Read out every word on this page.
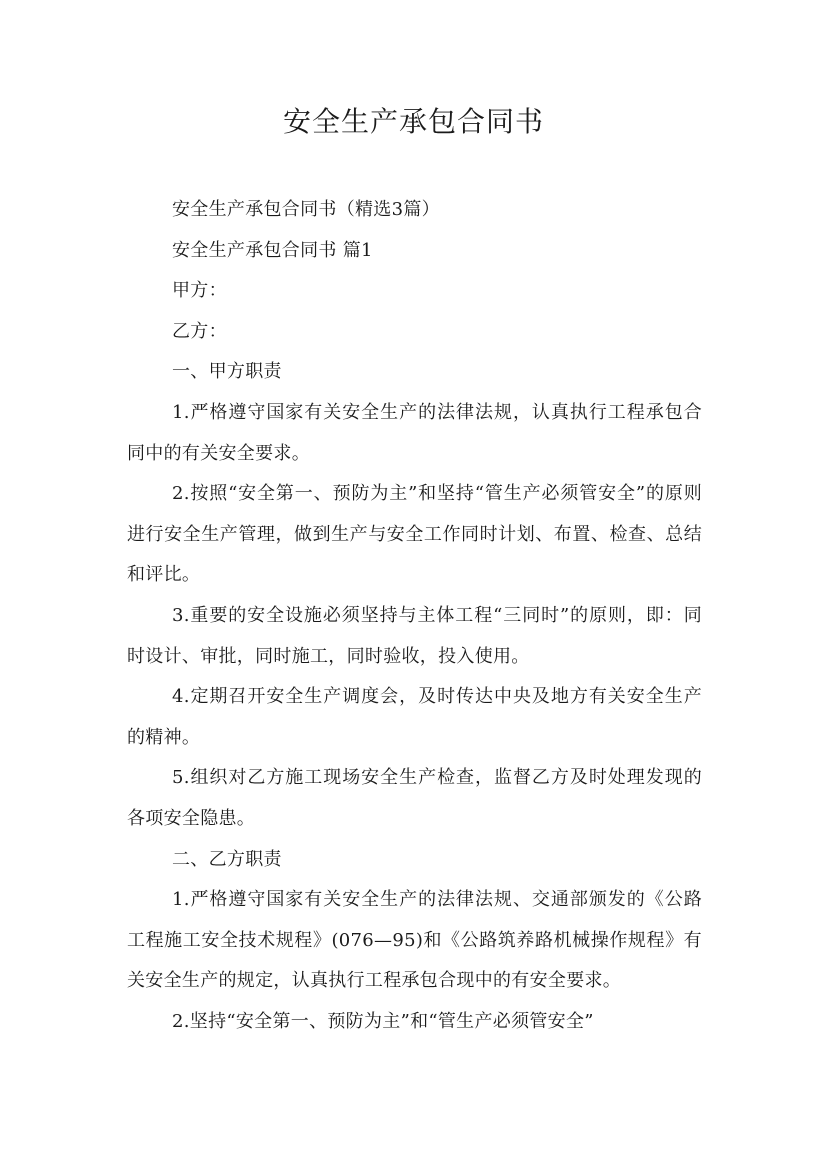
安全生产承包合同书

安全生产承包合同书（精选3篇）

安全生产承包合同书 篇1

甲方：

乙方：

一、甲方职责

1.严格遵守国家有关安全生产的法律法规，认真执行工程承包合同中的有关安全要求。

2.按照“安全第一、预防为主”和坚持“管生产必须管安全”的原则进行安全生产管理，做到生产与安全工作同时计划、布置、检查、总结和评比。

3.重要的安全设施必须坚持与主体工程“三同时”的原则，即：同时设计、审批，同时施工，同时验收，投入使用。

4.定期召开安全生产调度会，及时传达中央及地方有关安全生产的精神。

5.组织对乙方施工现场安全生产检查，监督乙方及时处理发现的各项安全隐患。

二、乙方职责

1.严格遵守国家有关安全生产的法律法规、交通部颁发的《公路工程施工安全技术规程》(076—95)和《公路筑养路机械操作规程》有关安全生产的规定，认真执行工程承包合现中的有安全要求。

2.坚持“安全第一、预防为主”和“管生产必须管安全”
